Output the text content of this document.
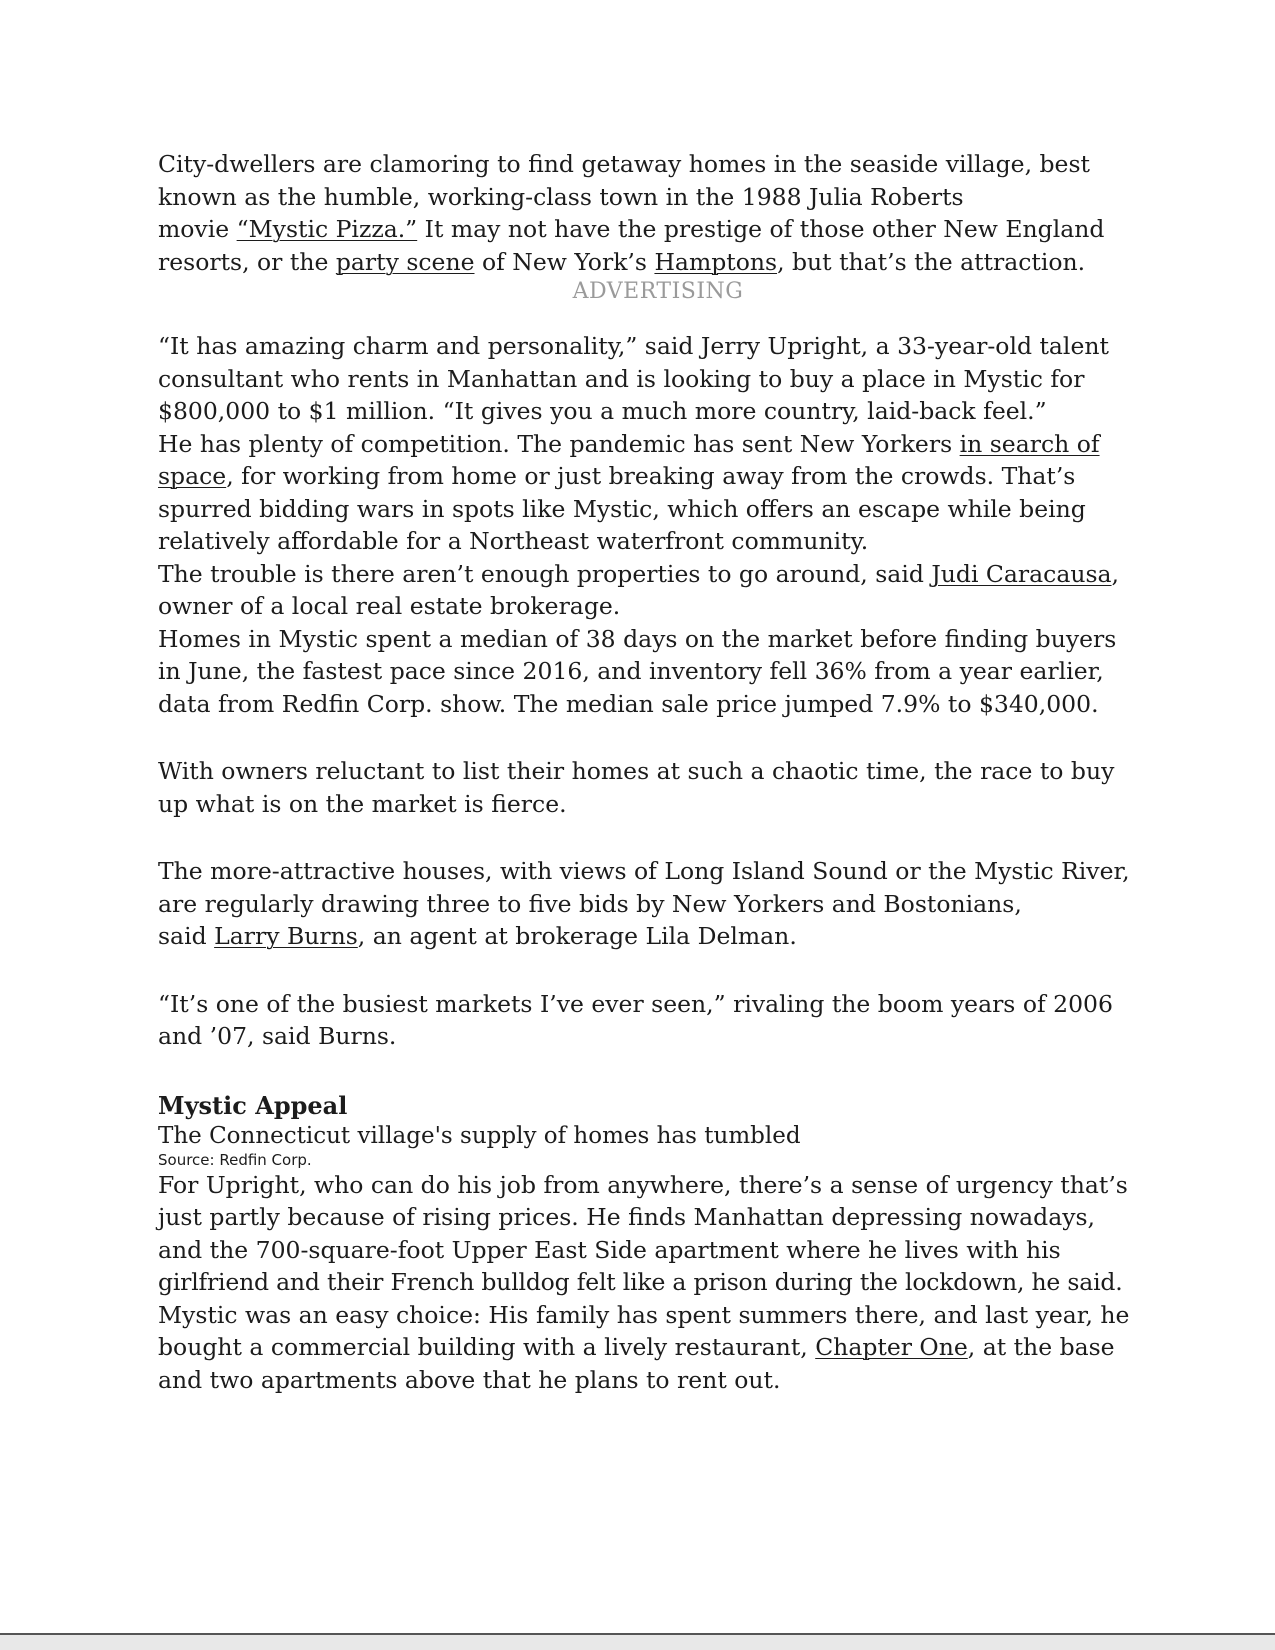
City-dwellers are clamoring to find getaway homes in the seaside village, best
known as the humble, working-class town in the 1988 Julia Roberts
movie “Mystic Pizza.” It may not have the prestige of those other New England
resorts, or the party scene of New York’s Hamptons, but that’s the attraction.
ADVERTISING
“It has amazing charm and personality,” said Jerry Upright, a 33-year-old talent
consultant who rents in Manhattan and is looking to buy a place in Mystic for
$800,000 to $1 million. “It gives you a much more country, laid-back feel.”
He has plenty of competition. The pandemic has sent New Yorkers in search of
space, for working from home or just breaking away from the crowds. That’s
spurred bidding wars in spots like Mystic, which offers an escape while being
relatively affordable for a Northeast waterfront community.
The trouble is there aren’t enough properties to go around, said Judi Caracausa,
owner of a local real estate brokerage.
Homes in Mystic spent a median of 38 days on the market before finding buyers
in June, the fastest pace since 2016, and inventory fell 36% from a year earlier,
data from Redfin Corp. show. The median sale price jumped 7.9% to $340,000.
With owners reluctant to list their homes at such a chaotic time, the race to buy
up what is on the market is fierce.
The more-attractive houses, with views of Long Island Sound or the Mystic River,
are regularly drawing three to five bids by New Yorkers and Bostonians,
said Larry Burns, an agent at brokerage Lila Delman.
“It’s one of the busiest markets I’ve ever seen,” rivaling the boom years of 2006
and ’07, said Burns.
Mystic Appeal
The Connecticut village's supply of homes has tumbled
Source: Redfin Corp.
For Upright, who can do his job from anywhere, there’s a sense of urgency that’s
just partly because of rising prices. He finds Manhattan depressing nowadays,
and the 700-square-foot Upper East Side apartment where he lives with his
girlfriend and their French bulldog felt like a prison during the lockdown, he said.
Mystic was an easy choice: His family has spent summers there, and last year, he
bought a commercial building with a lively restaurant, Chapter One, at the base
and two apartments above that he plans to rent out.
